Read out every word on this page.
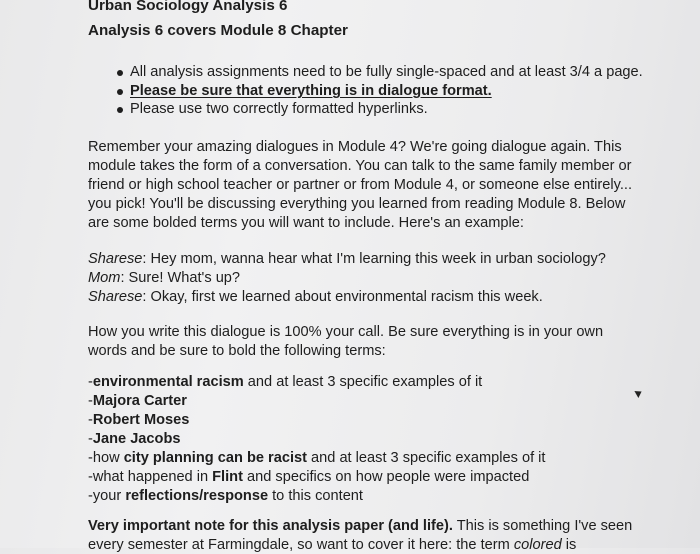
Urban Sociology Analysis 6
Analysis 6 covers Module 8 Chapter
All analysis assignments need to be fully single-spaced and at least 3/4 a page.
Please be sure that everything is in dialogue format.
Please use two correctly formatted hyperlinks.
Remember your amazing dialogues in Module 4? We're going dialogue again. This
module takes the form of a conversation. You can talk to the same family member or
friend or high school teacher or partner or from Module 4, or someone else entirely...
you pick! You'll be discussing everything you learned from reading Module 8. Below
are some bolded terms you will want to include. Here's an example:
Sharese: Hey mom, wanna hear what I'm learning this week in urban sociology?
Mom: Sure! What's up?
Sharese: Okay, first we learned about environmental racism this week.
How you write this dialogue is 100% your call. Be sure everything is in your own
words and be sure to bold the following terms:
-environmental racism and at least 3 specific examples of it
-Majora Carter
-Robert Moses
-Jane Jacobs
-how city planning can be racist and at least 3 specific examples of it
-what happened in Flint and specifics on how people were impacted
-your reflections/response to this content
Very important note for this analysis paper (and life). This is something I've seen
every semester at Farmingdale, so want to cover it here: the term colored is
